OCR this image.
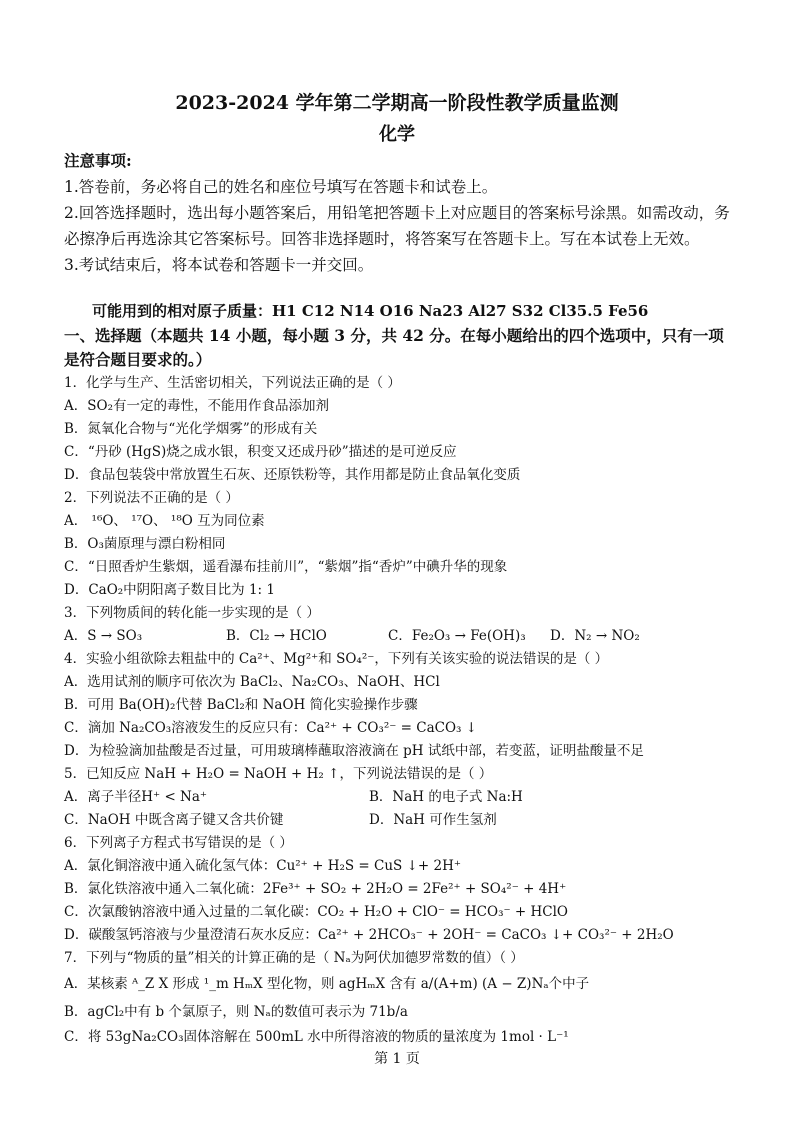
2023-2024 学年第二学期高一阶段性教学质量监测
化学

注意事项:

1.答卷前，务必将自己的姓名和座位号填写在答题卡和试卷上。

2.回答选择题时，选出每小题答案后，用铅笔把答题卡上对应题目的答案标号涂黑。如需改动，务必擦净后再选涂其它答案标号。回答非选择题时，将答案写在答题卡上。写在本试卷上无效。

3.考试结束后，将本试卷和答题卡一并交回。

可能用到的相对原子质量：H1 C12 N14 O16 Na23 Al27 S32 Cl35.5 Fe56
一、选择题（本题共 14 小题，每小题 3 分，共 42 分。在每小题给出的四个选项中，只有一项是符合题目要求的。）
1．化学与生产、生活密切相关，下列说法正确的是（ ）
A．SO₂有一定的毒性，不能用作食品添加剂
B．氮氧化合物与“光化学烟雾”的形成有关
C．“丹砂 (HgS)烧之成水银，积变又还成丹砂”描述的是可逆反应
D．食品包装袋中常放置生石灰、还原铁粉等，其作用都是防止食品氧化变质
2．下列说法不正确的是（ ）
A． ¹⁶O、 ¹⁷O、 ¹⁸O 互为同位素
B．O₃菌原理与漂白粉相同
C．“日照香炉生紫烟，遥看瀑布挂前川”，“紫烟”指“香炉”中碘升华的现象
D．CaO₂中阴阳离子数目比为 1: 1
3．下列物质间的转化能一步实现的是（ ）
A．S → SO₃	B．Cl₂ → HClO	C．Fe₂O₃ → Fe(OH)₃	D．N₂ → NO₂
4．实验小组欲除去粗盐中的 Ca²⁺、Mg²⁺和 SO₄²⁻，下列有关该实验的说法错误的是（ ）
A．选用试剂的顺序可依次为 BaCl₂、Na₂CO₃、NaOH、HCl
B．可用 Ba(OH)₂代替 BaCl₂和 NaOH 简化实验操作步骤
C．滴加 Na₂CO₃溶液发生的反应只有：Ca²⁺ + CO₃²⁻ = CaCO₃ ↓
D．为检验滴加盐酸是否过量，可用玻璃棒蘸取溶液滴在 pH 试纸中部，若变蓝，证明盐酸量不足
5．已知反应 NaH + H₂O = NaOH + H₂ ↑，下列说法错误的是（ ）
A．离子半径H⁺ < Na⁺	B．NaH 的电子式 Na:H
C．NaOH 中既含离子键又含共价键	D．NaH 可作生氢剂
6．下列离子方程式书写错误的是（ ）
A．氯化铜溶液中通入硫化氢气体：Cu²⁺ + H₂S = CuS ↓+ 2H⁺
B．氯化铁溶液中通入二氧化硫：2Fe³⁺ + SO₂ + 2H₂O = 2Fe²⁺ + SO₄²⁻ + 4H⁺
C．次氯酸钠溶液中通入过量的二氧化碳：CO₂ + H₂O + ClO⁻ = HCO₃⁻ + HClO
D．碳酸氢钙溶液与少量澄清石灰水反应：Ca²⁺ + 2HCO₃⁻ + 2OH⁻ = CaCO₃ ↓+ CO₃²⁻ + 2H₂O
7．下列与“物质的量”相关的计算正确的是（ Nₐ为阿伏加德罗常数的值）（ ）
A．某核素 ᴬ_Z X 形成 ¹_m HₘX 型化物，则 agHₘX 含有 a/(A+m) (A − Z)Nₐ个中子
B．agCl₂中有 b 个氯原子，则 Nₐ的数值可表示为 71b/a
C．将 53gNa₂CO₃固体溶解在 500mL 水中所得溶液的物质的量浓度为 1mol · L⁻¹
第 1 页
